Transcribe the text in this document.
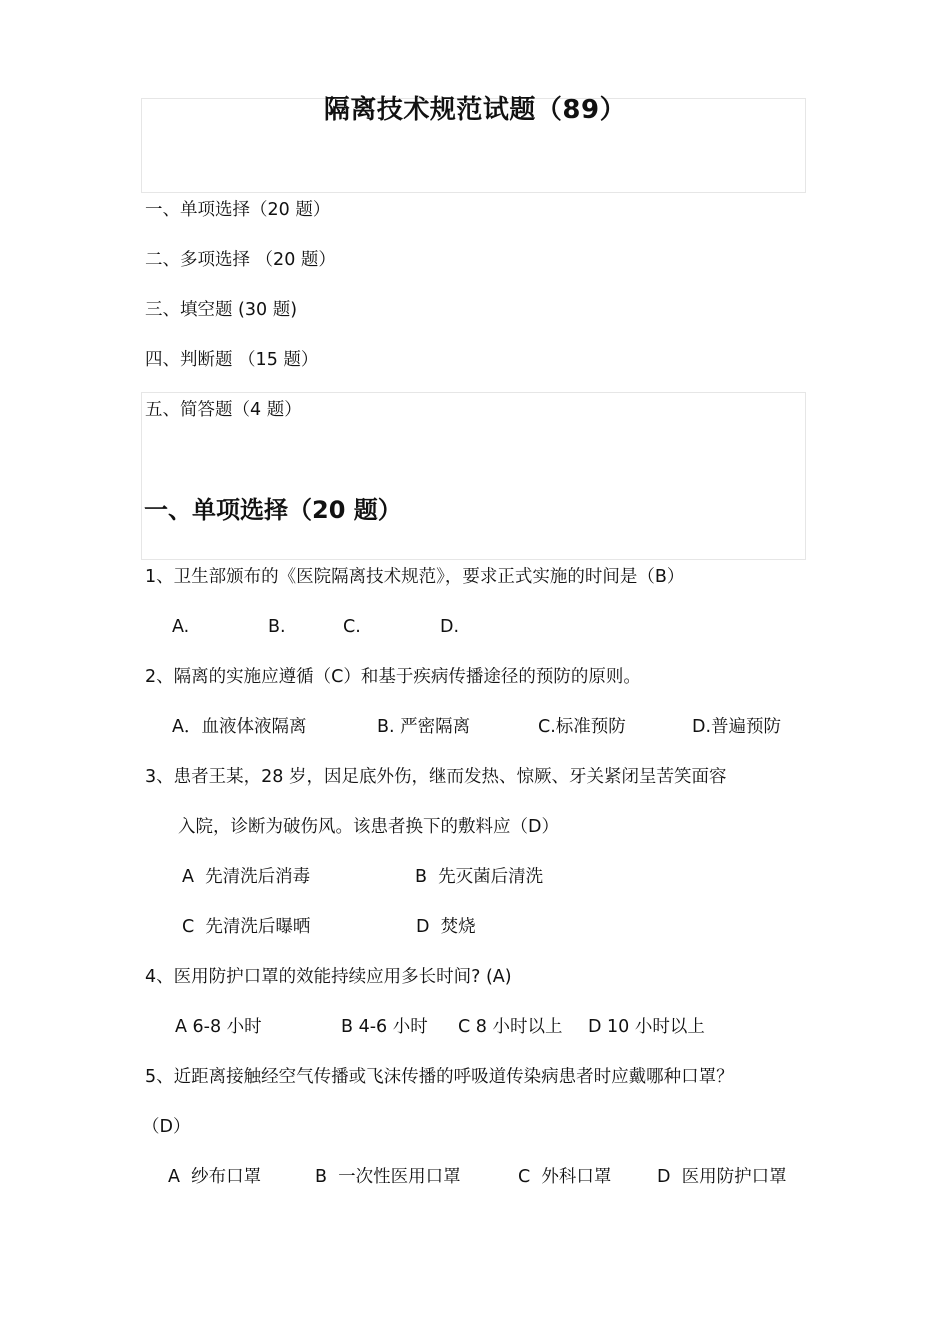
隔离技术规范试题（89）
一、单项选择（20 题）
二、多项选择 （20 题）
三、填空题 (30 题)
四、判断题 （15 题）
五、简答题（4 题）
一、单项选择（20 题）
1、卫生部颁布的《医院隔离技术规范》，要求正式实施的时间是（B）
A.	B.	C.	D.
2、隔离的实施应遵循（C）和基于疾病传播途径的预防的原则。
A．血液体液隔离	B. 严密隔离	C.标准预防	D.普遍预防
3、患者王某，28 岁，因足底外伤，继而发热、惊厥、牙关紧闭呈苦笑面容
入院，诊断为破伤风。该患者换下的敷料应（D）
A  先清洗后消毒	B  先灭菌后清洗
C  先清洗后曝晒	D  焚烧
4、医用防护口罩的效能持续应用多长时间? (A)
A 6-8 小时	B 4-6 小时 C 8 小时以上 D 10 小时以上
5、近距离接触经空气传播或飞沫传播的呼吸道传染病患者时应戴哪种口罩？
（D）
A  纱布口罩	B  一次性医用口罩	C  外科口罩	D  医用防护口罩
